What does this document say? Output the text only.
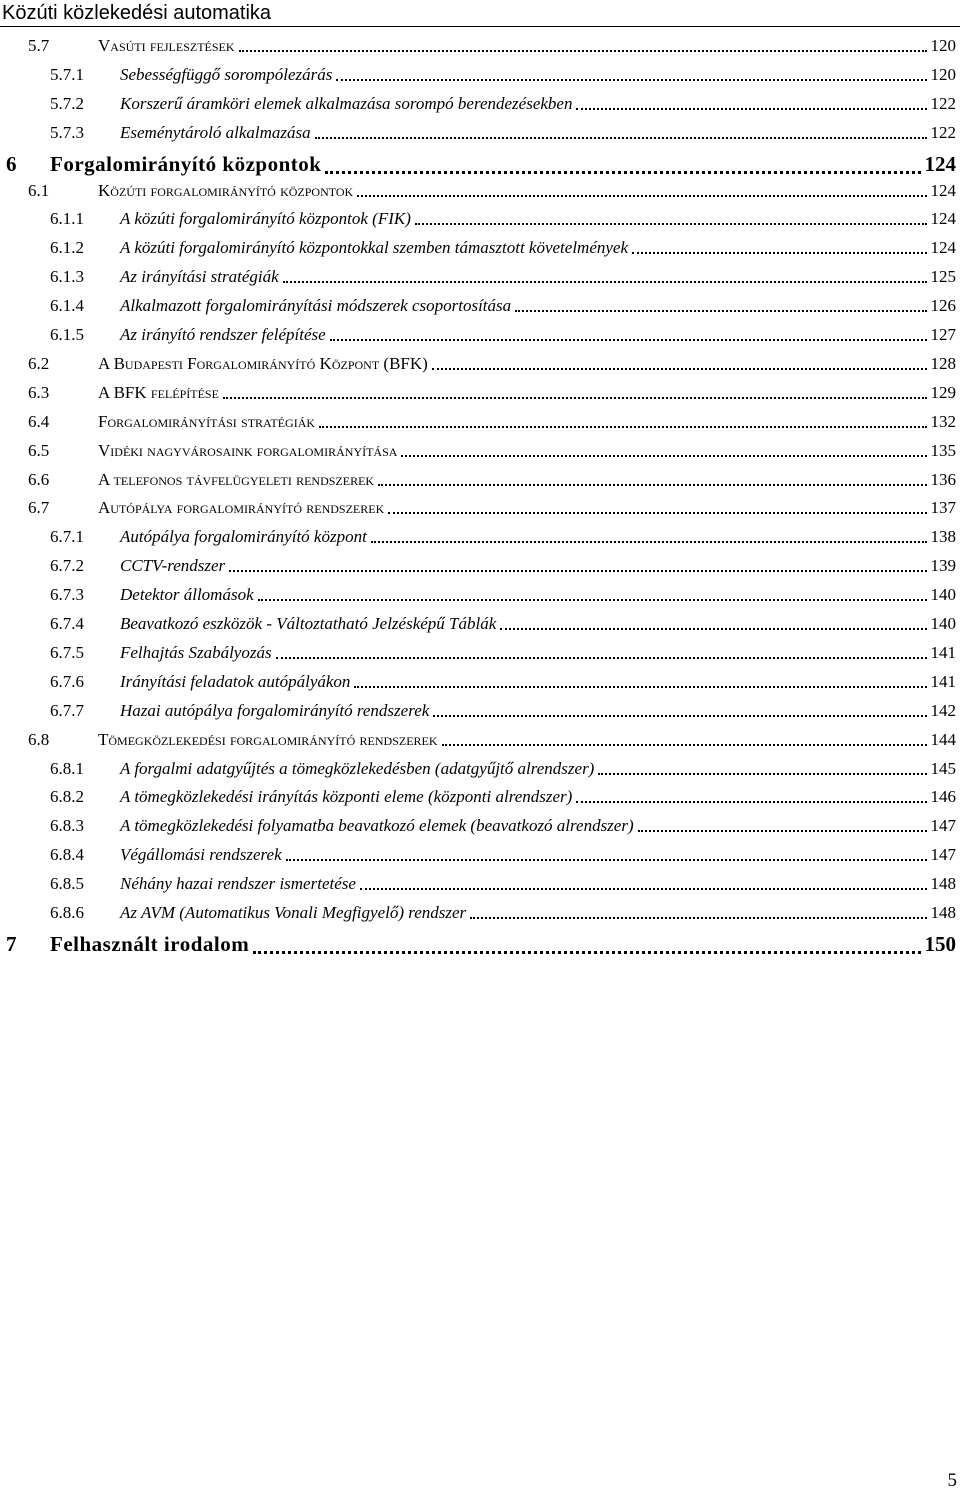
Közúti közlekedési automatika
5.7	Vasúti fejlesztések	120
5.7.1 Sebességfüggő sorompólezárás	120
5.7.2 Korszerű áramköri elemek alkalmazása sorompó berendezésekben	122
5.7.3 Eseménytároló alkalmazása	122
6 Forgalomirányító központok	124
6.1	Közúti forgalomirányító központok	124
6.1.1 A közúti forgalomirányító központok (FIK)	124
6.1.2 A közúti forgalomirányító központokkal szemben támasztott követelmények	124
6.1.3 Az irányítási stratégiák	125
6.1.4 Alkalmazott forgalomirányítási módszerek csoportosítása	126
6.1.5 Az irányító rendszer felépítése	127
6.2	A Budapesti Forgalomirányító Központ (BFK)	128
6.3	A BFK felépítése	129
6.4	Forgalomirányítási stratégiák	132
6.5	Vidéki nagyvárosaink forgalomirányítása	135
6.6	A telefonos távfelügyeleti rendszerek	136
6.7	Autópálya forgalomirányító rendszerek	137
6.7.1 Autópálya forgalomirányító központ	138
6.7.2 CCTV-rendszer	139
6.7.3 Detektor állomások	140
6.7.4 Beavatkozó eszközök - Változtatható Jelzésképű Táblák	140
6.7.5 Felhajtás Szabályozás	141
6.7.6 Irányítási feladatok autópályákon	141
6.7.7 Hazai autópálya forgalomirányító rendszerek	142
6.8	Tömegközlekedési forgalomirányító rendszerek	144
6.8.1 A forgalmi adatgyűjtés a tömegközlekedésben (adatgyűjtő alrendszer)	145
6.8.2 A tömegközlekedési irányítás központi eleme (központi alrendszer)	146
6.8.3 A tömegközlekedési folyamatba beavatkozó elemek (beavatkozó alrendszer)	147
6.8.4 Végállomási rendszerek	147
6.8.5 Néhány hazai rendszer ismertetése	148
6.8.6 Az AVM (Automatikus Vonali Megfigyelő) rendszer	148
7 Felhasznált irodalom	150
5
